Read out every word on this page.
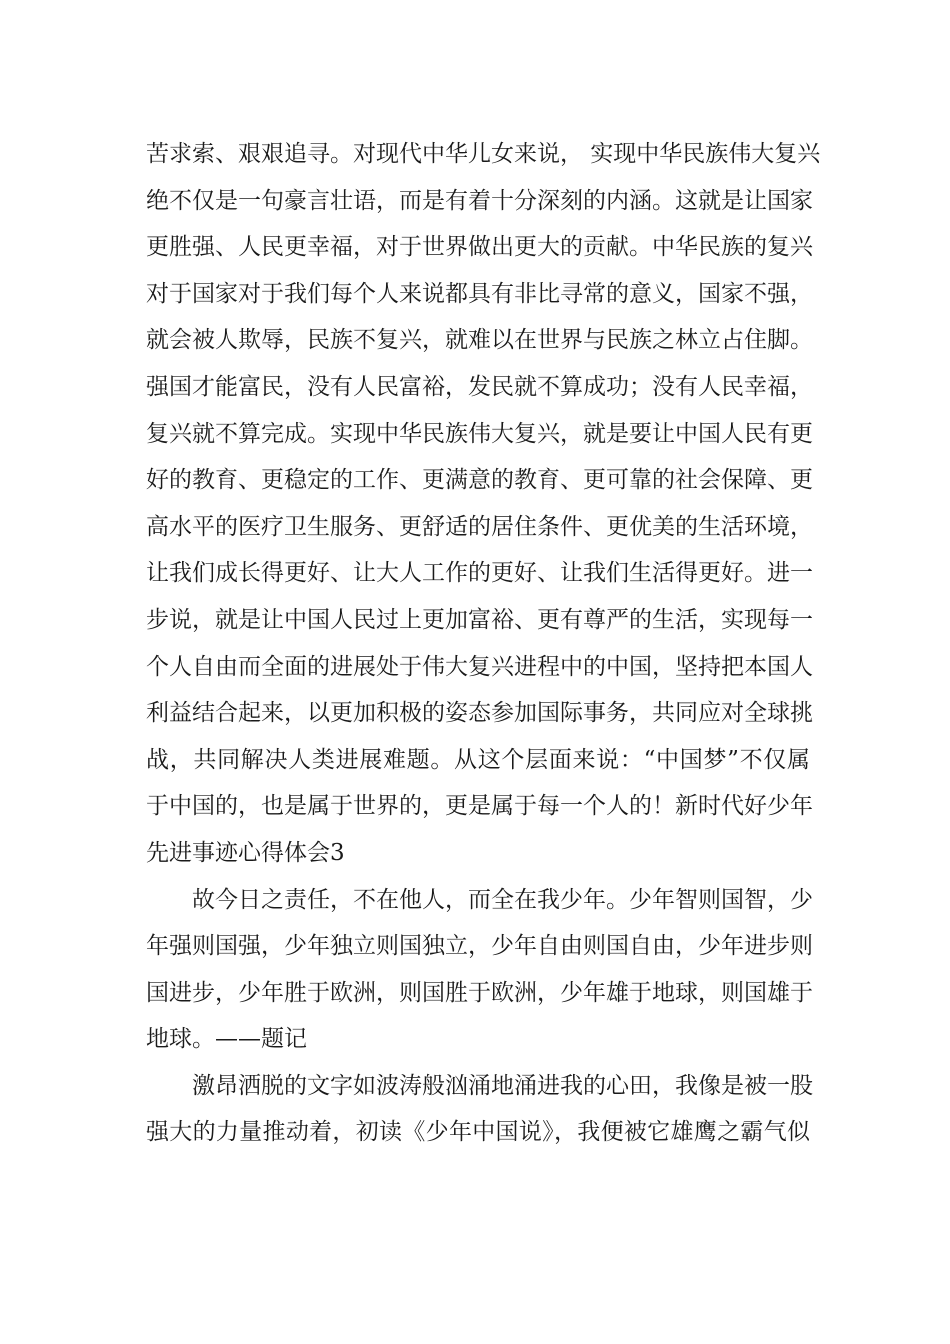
苦求索、艰艰追寻。对现代中华儿女来说， 实现中华民族伟大复兴
绝不仅是一句豪言壮语，而是有着十分深刻的内涵。这就是让国家
更胜强、人民更幸福，对于世界做出更大的贡献。中华民族的复兴
对于国家对于我们每个人来说都具有非比寻常的意义，国家不强，
就会被人欺辱，民族不复兴，就难以在世界与民族之林立占住脚。
强国才能富民，没有人民富裕，发民就不算成功；没有人民幸福，
复兴就不算完成。实现中华民族伟大复兴，就是要让中国人民有更
好的教育、更稳定的工作、更满意的教育、更可靠的社会保障、更
高水平的医疗卫生服务、更舒适的居住条件、更优美的生活环境，
让我们成长得更好、让大人工作的更好、让我们生活得更好。进一
步说，就是让中国人民过上更加富裕、更有尊严的生活，实现每一
个人自由而全面的进展处于伟大复兴进程中的中国，坚持把本国人
利益结合起来，以更加积极的姿态参加国际事务，共同应对全球挑
战，共同解决人类进展难题。从这个层面来说：“中国梦”不仅属
于中国的，也是属于世界的，更是属于每一个人的！新时代好少年
先进事迹心得体会3
故今日之责任，不在他人，而全在我少年。少年智则国智，少
年强则国强，少年独立则国独立，少年自由则国自由，少年进步则
国进步，少年胜于欧洲，则国胜于欧洲，少年雄于地球，则国雄于
地球。——题记
激昂洒脱的文字如波涛般汹涌地涌进我的心田，我像是被一股
强大的力量推动着，初读《少年中国说》，我便被它雄鹰之霸气似
